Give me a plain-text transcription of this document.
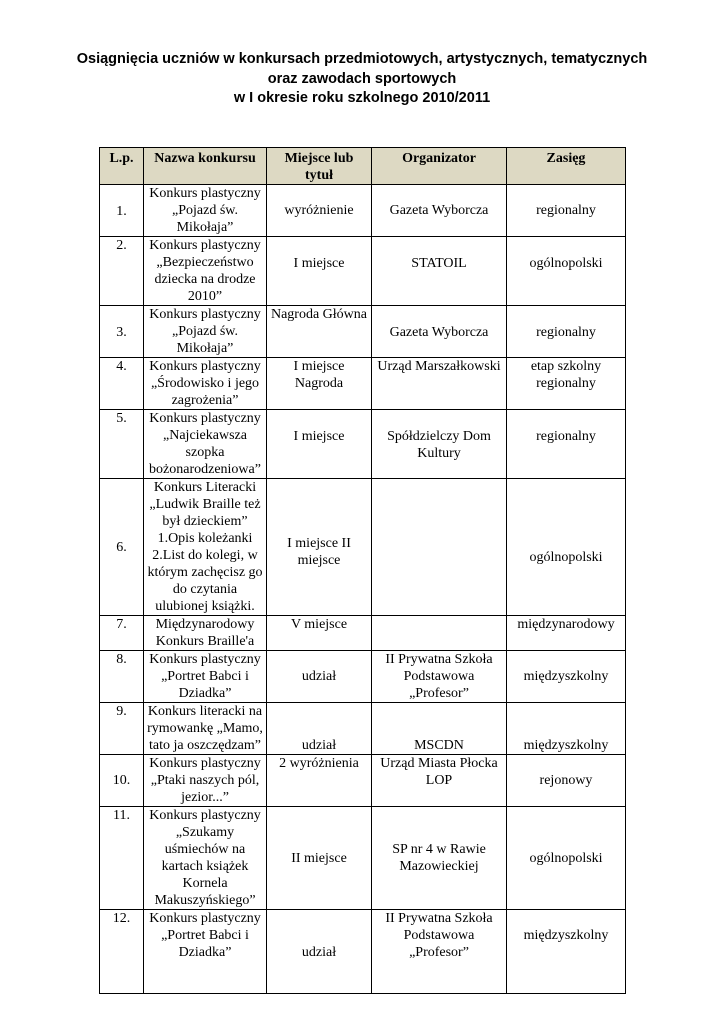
Osiągnięcia uczniów w konkursach przedmiotowych, artystycznych, tematycznych
oraz zawodach sportowych
w I okresie roku szkolnego 2010/2011
L.p.	Nazwa konkursu	Miejsce lub tytuł	Organizator	Zasięg
1.	Konkurs plastyczny „Pojazd św. Mikołaja”	wyróżnienie	Gazeta Wyborcza	regionalny
2.	Konkurs plastyczny „Bezpieczeństwo dziecka na drodze 2010”	I miejsce	STATOIL	ogólnopolski
3.	Konkurs plastyczny „Pojazd św. Mikołaja”	Nagroda Główna	Gazeta Wyborcza	regionalny
4.	Konkurs plastyczny „Środowisko i jego zagrożenia”	I miejsce Nagroda	Urząd Marszałkowski	etap szkolny regionalny
5.	Konkurs plastyczny „Najciekawsza szopka bożonarodzeniowa”	I miejsce	Spółdzielczy Dom Kultury	regionalny
6.	Konkurs Literacki „Ludwik Braille też był dzieckiem” 1.Opis koleżanki 2.List do kolegi, w którym zachęcisz go do czytania ulubionej książki.	I miejsce II miejsce		ogólnopolski
7.	Międzynarodowy Konkurs Braille'a	V miejsce		międzynarodowy
8.	Konkurs plastyczny „Portret Babci i Dziadka”	udział	II Prywatna Szkoła Podstawowa „Profesor”	międzyszkolny
9.	Konkurs literacki na rymowankę „Mamo, tato ja oszczędzam”	udział	MSCDN	międzyszkolny
10.	Konkurs plastyczny „Ptaki naszych pól, jezior...”	2 wyróżnienia	Urząd Miasta Płocka LOP	rejonowy
11.	Konkurs plastyczny „Szukamy uśmiechów na kartach książek Kornela Makuszyńskiego”	II miejsce	SP nr 4 w Rawie Mazowieckiej	ogólnopolski
12.	Konkurs plastyczny „Portret Babci i Dziadka”	udział	II Prywatna Szkoła Podstawowa „Profesor”	międzyszkolny
